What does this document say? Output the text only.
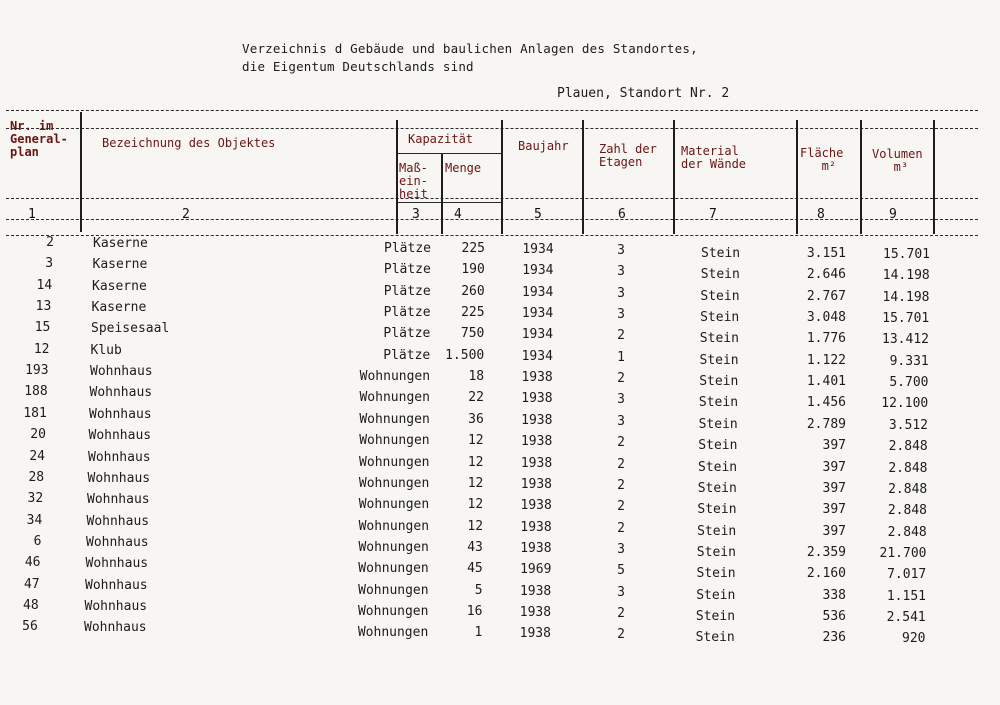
Verzeichnis d Gebäude und baulichen Anlagen des Standortes,
die Eigentum Deutschlands sind
Plauen, Standort Nr. 2
Nr. im
General-
plan
Bezeichnung des Objektes	Kapazität
Maß-
ein-
heit
Menge
Baujahr	Zahl der
Etagen
Material
der Wände
Fläche
m²
Volumen
m³
1	2	3	4	5	6	7	8	9
2	Kaserne	Plätze	225	1934	3	Stein	3.151	15.701
3	Kaserne	Plätze	190	1934	3	Stein	2.646	14.198
14	Kaserne	Plätze	260	1934	3	Stein	2.767	14.198
13	Kaserne	Plätze	225	1934	3	Stein	3.048	15.701
15	Speisesaal	Plätze	750	1934	2	Stein	1.776	13.412
12	Klub	Plätze	1.500	1934	1	Stein	1.122	9.331
193	Wohnhaus	Wohnungen	18	1938	2	Stein	1.401	5.700
188	Wohnhaus	Wohnungen	22	1938	3	Stein	1.456	12.100
181	Wohnhaus	Wohnungen	36	1938	3	Stein	2.789	3.512
20	Wohnhaus	Wohnungen	12	1938	2	Stein	397	2.848
24	Wohnhaus	Wohnungen	12	1938	2	Stein	397	2.848
28	Wohnhaus	Wohnungen	12	1938	2	Stein	397	2.848
32	Wohnhaus	Wohnungen	12	1938	2	Stein	397	2.848
34	Wohnhaus	Wohnungen	12	1938	2	Stein	397	2.848
6	Wohnhaus	Wohnungen	43	1938	3	Stein	2.359	21.700
46	Wohnhaus	Wohnungen	45	1969	5	Stein	2.160	7.017
47	Wohnhaus	Wohnungen	5	1938	3	Stein	338	1.151
48	Wohnhaus	Wohnungen	16	1938	2	Stein	536	2.541
56	Wohnhaus	Wohnungen	1	1938	2	Stein	236	920
